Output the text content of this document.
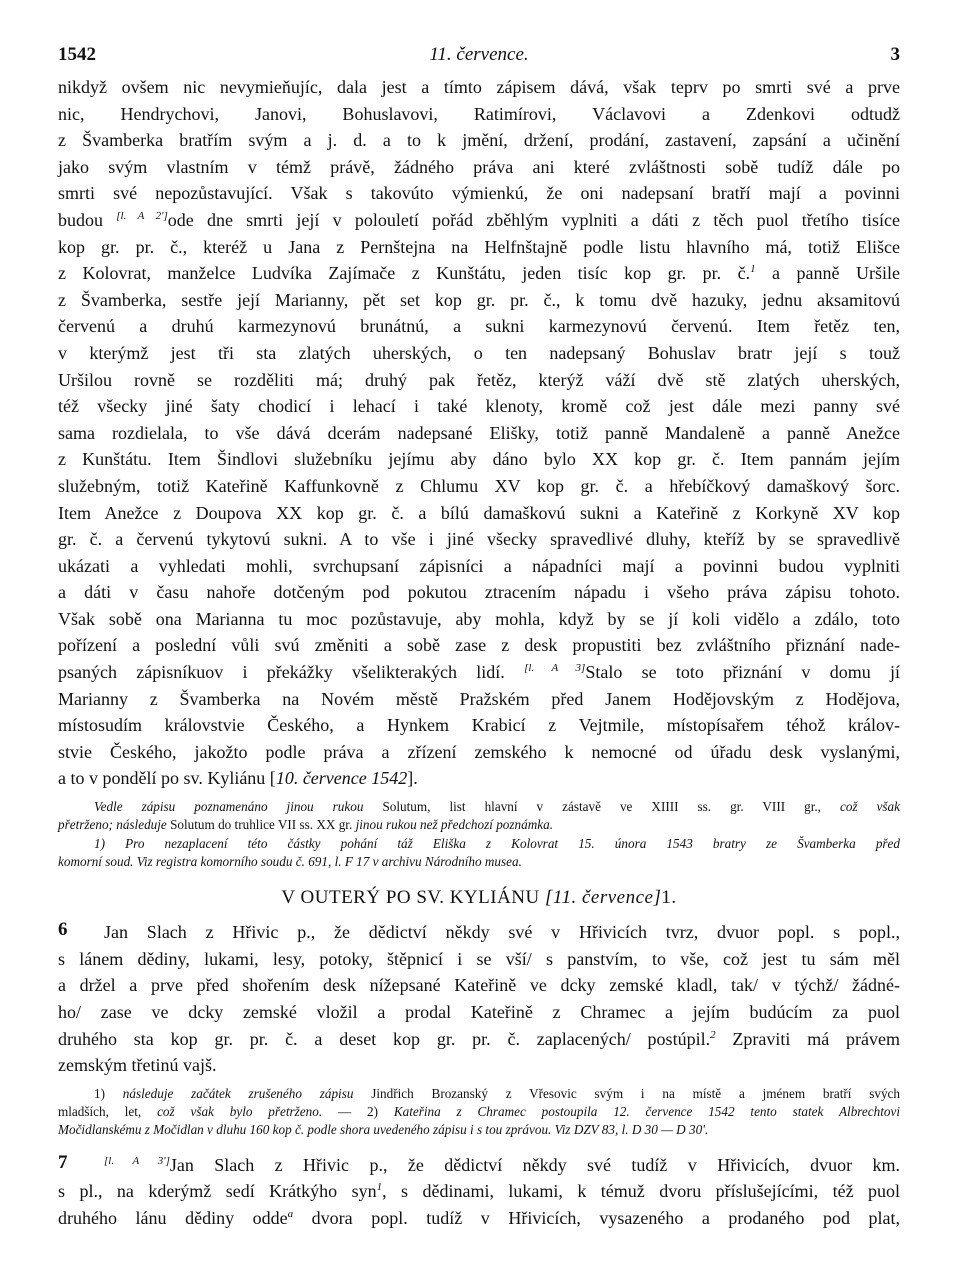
1542	11. července.	3
nikdyž ovšem nic nevymieňujíc, dala jest a tímto zápisem dává, však teprv po smrti své a prve
nic, Hendrychovi, Janovi, Bohuslavovi, Ratimírovi, Václavovi a Zdenkovi odtudž
z Švamberka bratřím svým a j. d. a to k jmění, držení, prodání, zastavení, zapsání a učinění
jako svým vlastním v témž právě, žádného práva ani které zvláštnosti sobě tudíž dále po
smrti své nepozůstavující. Však s takovúto výmienkú, že oni nadepsaní bratří mají a povinni
budou [l. A 2']ode dne smrti její v polouletí pořád zběhlým vyplniti a dáti z těch puol třetího tisíce
kop gr. pr. č., kteréž u Jana z Pernštejna na Helfnštajně podle listu hlavního má, totiž Elišce
z Kolovrat, manželce Ludvíka Zajímače z Kunštátu, jeden tisíc kop gr. pr. č.$^1$ a panně Uršile
z Švamberka, sestře její Marianny, pět set kop gr. pr. č., k tomu dvě hazuky, jednu aksamitovú
červenú a druhú karmezynovú brunátnú, a sukni karmezynovú červenú. Item řetěz ten,
v kterýmž jest tři sta zlatých uherských, o ten nadepsaný Bohuslav bratr její s touž
Uršilou rovně se rozděliti má; druhý pak řetěz, kterýž váží dvě stě zlatých uherských,
též všecky jiné šaty chodicí i lehací i také klenoty, kromě což jest dále mezi panny své
sama rozdielala, to vše dává dcerám nadepsané Elišky, totiž panně Mandaleně a panně Anežce
z Kunštátu. Item Šindlovi služebníku jejímu aby dáno bylo XX kop gr. č. Item pannám jejím
služebným, totiž Kateřině Kaffunkovně z Chlumu XV kop gr. č. a hřebíčkový damaškový šorc.
Item Anežce z Doupova XX kop gr. č. a bílú damaškovú sukni a Kateřině z Korkyně XV kop
gr. č. a červenú tykytovú sukni. A to vše i jiné všecky spravedlivé dluhy, kteříž by se spravedlivě
ukázati a vyhledati mohli, svrchupsaní zápisníci a nápadníci mají a povinni budou vyplniti
a dáti v času nahoře dotčeným pod pokutou ztracením nápadu i všeho práva zápisu tohoto.
Však sobě ona Marianna tu moc pozůstavuje, aby mohla, když by se jí koli vidělo a zdálo, toto
pořízení a poslední vůli svú změniti a sobě zase z desk propustiti bez zvláštního přiznání nade-
psaných zápisníkuov i překážky všelikterakých lidí. [l. A 3]Stalo se toto přiznání v domu jí
Marianny z Švamberka na Novém městě Pražském před Janem Hodějovským z Hodějova,
místosudím královstvie Českého, a Hynkem Krabicí z Vejtmile, místopísařem téhož králov-
stvie Českého, jakožto podle práva a zřízení zemského k nemocné od úřadu desk vyslanými,
a to v pondělí po sv. Kyliánu [10. července 1542].
Vedle zápisu poznamenáno jinou rukou Solutum, list hlavní v zástavě ve XIIII ss. gr. VIII gr., což však
přetrženo; následuje Solutum do truhlice VII ss. XX gr. jinou rukou než předchozí poznámka.
1) Pro nezaplacení této částky pohání táž Eliška z Kolovrat 15. února 1543 bratry ze Švamberka před
komorní soud. Viz registra komorního soudu č. 691, l. F 17 v archivu Národního musea.
V OUTERÝ PO SV. KYLIÁNU [11. července]1.
6	Jan Slach z Hřivic p., že dědictví někdy své v Hřivicích tvrz, dvuor popl. s popl.,
s lánem dědiny, lukami, lesy, potoky, štěpnicí i se vší/ s panstvím, to vše, což jest tu sám měl
a držel a prve před shořením desk nížepsané Kateřině ve dcky zemské kladl, tak/ v týchž/ žádné-
ho/ zase ve dcky zemské vložil a prodal Kateřině z Chramec a jejím budúcím za puol
druhého sta kop gr. pr. č. a deset kop gr. pr. č. zaplacených/ postúpil.$^2$ Zpraviti má právem
zemským třetinú vajš.
1) následuje začátek zrušeného zápisu Jindřich Brozanský z Vřesovic svým i na místě a jménem bratří svých
mladších, let, což však bylo přetrženo. — 2) Kateřina z Chramec postoupila 12. července 1542 tento statek Albrechtovi
Močidlanskému z Močidlan v dluhu 160 kop č. podle shora uvedeného zápisu i s tou zprávou. Viz DZV 83, l. D 30 — D 30'.
7	[l. A 3']Jan Slach z Hřivic p., že dědictví někdy své tudíž v Hřivicích, dvuor km.
s pl., na kderýmž sedí Krátkýho syn$^1$, s dědinami, lukami, k témuž dvoru příslušejícími, též puol
druhého lánu dědiny odde$^a$ dvora popl. tudíž v Hřivicích, vysazeného a prodaného pod plat,
